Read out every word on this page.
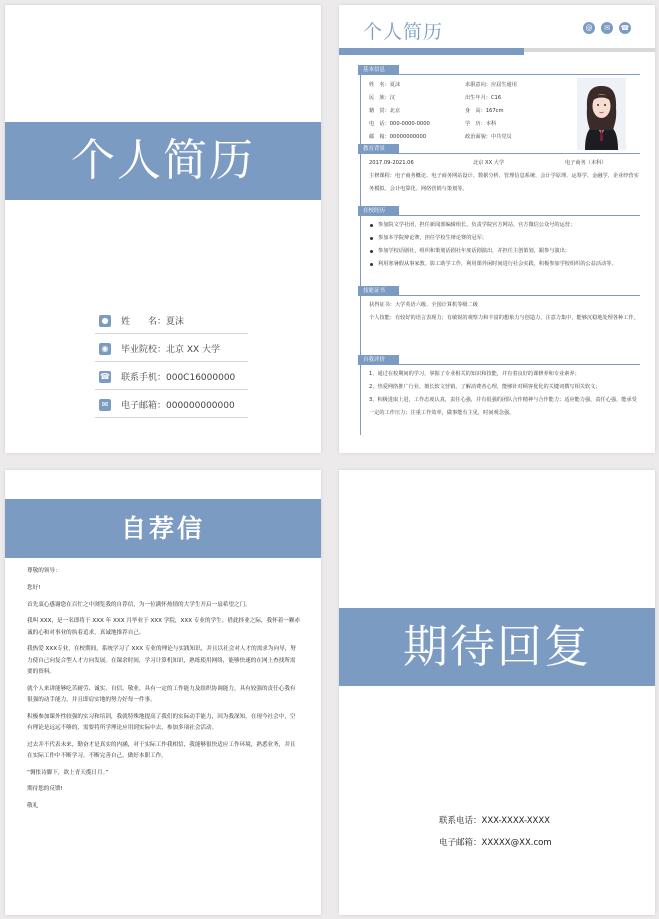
个人简历
● 姓　　名：夏沫
◉ 毕业院校：北京 XX 大学
☎ 联系手机：000C16000000
✉ 电子邮箱：000000000000
个人简历	@	✉	☎
基本信息
姓　名：夏沫	求职意向：应届生通用
民　族：汉	出生年月：C16
籍　贯：北京	身　高：167cm
电　话：000-0000-0000	学　历：本科
邮　箱：00000000000	政治面貌：中共党员
教育背景
2017.09-2021.06	北京 XX 大学	电子商务（本科）
主修课程：电子商务概论、电子商务网站设计、数据分析、管理信息系统、会计学原理、运筹学、金融学、企业经营实务模拟、会计电算化、网络营销与策划等。
在校经历
参加院文学社团，担任新闻部编辑组长，负责学院官方网站、官方微信公众号的运营；
参加本学院辩论赛，担任学校生辩论赛的冠军；
参加学校话剧社，组织和策划话剧社年度话剧演出，并担任主创策划，跟参与演出；
利用寒暑假从事家教、影工助学工作，利用课外闲时间进行社会实践，积极参加学校组织的公益活动等。
技能证书
获得证书：大学英语六级、全国计算机等级二级
个人技能：有较好的语言表现力；有敏锐的观察力和丰富的想象力与创造力，注意力集中，能够沉稳地处理各种工作。
自我评价
1、通过在校期间的学习，掌握了专业相关的知识和技能，并有着良好的课修养和专业素养；
2、热爱网络推广行业，擅长软文营销，了解消费者心理，能够针对顾客优化的关键词撰写相关软文；
3、积极进取上进，工作态度认真，责任心强，并有很强的团队合作精神与合作能力；适应能力强，责任心强，能承受一定的工作压力；注重工作效率，做事能有主见，时间观念强。
自荐信

尊敬的领导：

您好!

首先衷心感谢您在百忙之中浏览我的自荐信，为一位满怀热情的大学生开启一扇希望之门。

我叫 XXX，是一名即将于 XXX 年 XXX 月毕业于 XXX 学院，XXX 专业的学生。借此择业之际，我怀着一颗赤诚的心和对事业的执着追求，真诚地推荐自己。

我热爱 XXX专业，在校期间，系统学习了 XXX 专业的理论与实践知识，并且以社会对人才的需求为向导，努力使自己向复合型人才方向发展。在课余时间，学习计算机知识，熟练使用网络，能够快速的在网上查找所需要的资料。

就个人来讲能够吃苦耐劳、诚实、自信、敬业，具有一定的工作能力及组织协调能力，具有较强的责任心我有很强的动手能力，并且即肩实地的努力好每一件事。

积极参加课外性较强的实习和培训，我就特殊地提高了我们的实际动手能力，因为我深知，在现今社会中，空有理论是远远不够的，需要将所学理论应用到实际中去，参加多项社会活动。

过去并不代表未来，勤奋才是真实的内涵，对于实际工作我相信，我能够很快适应工作环境，熟悉业务，并且在实际工作中不断学习，不断完善自己，做好本职工作。

“惆怅诗脚下，欲上青天揽日月。”

期待您的反馈!

敬礼

期待回复
联系电话：XXX-XXXX-XXXX
电子邮箱：XXXXX@XX.com
